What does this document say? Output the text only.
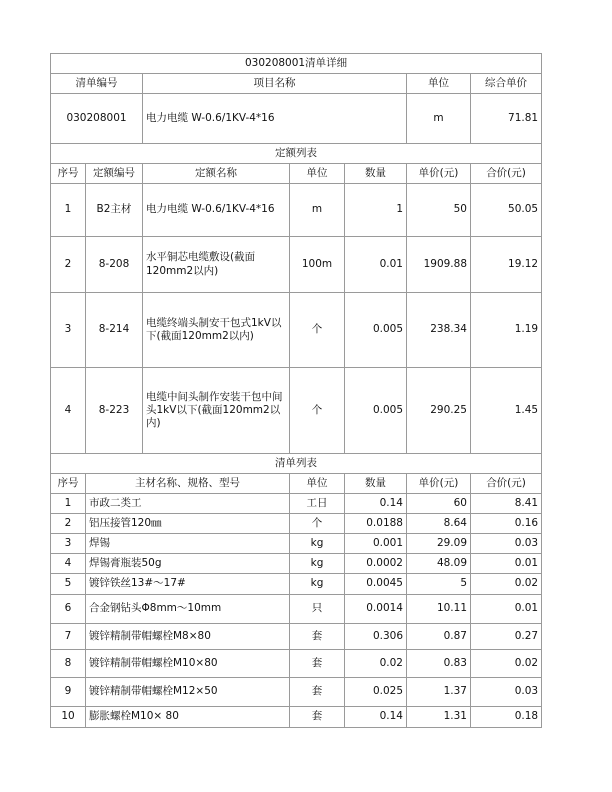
030208001清单详细						
清单编号		项目名称			单位	综合单价
030208001		电力电缆 W-0.6/1KV-4*16			m	71.81
定额列表						
序号	定额编号	定额名称	单位	数量	单价(元)	合价(元)
1	B2主材	电力电缆 W-0.6/1KV-4*16	m	1	50	50.05
2	8-208	水平铜芯电缆敷设(截面120mm2以内)	100m	0.01	1909.88	19.12
3	8-214	电缆终端头制安干包式1kV以下(截面120mm2以内)	个	0.005	238.34	1.19
4	8-223	电缆中间头制作安装干包中间头1kV以下(截面120mm2以内)	个	0.005	290.25	1.45
清单列表						
序号	主材名称、规格、型号		单位	数量	单价(元)	合价(元)
1	市政二类工		工日	0.14	60	8.41
2	铝压接管120㎜		个	0.0188	8.64	0.16
3	焊锡		kg	0.001	29.09	0.03
4	焊锡膏瓶装50g		kg	0.0002	48.09	0.01
5	镀锌铁丝13#～17#		kg	0.0045	5	0.02
6	合金钢钻头Φ8mm～10mm		只	0.0014	10.11	0.01
7	镀锌精制带帽螺栓M8×80		套	0.306	0.87	0.27
8	镀锌精制带帽螺栓M10×80		套	0.02	0.83	0.02
9	镀锌精制带帽螺栓M12×50		套	0.025	1.37	0.03
10	膨胀螺栓M10× 80		套	0.14	1.31	0.18
